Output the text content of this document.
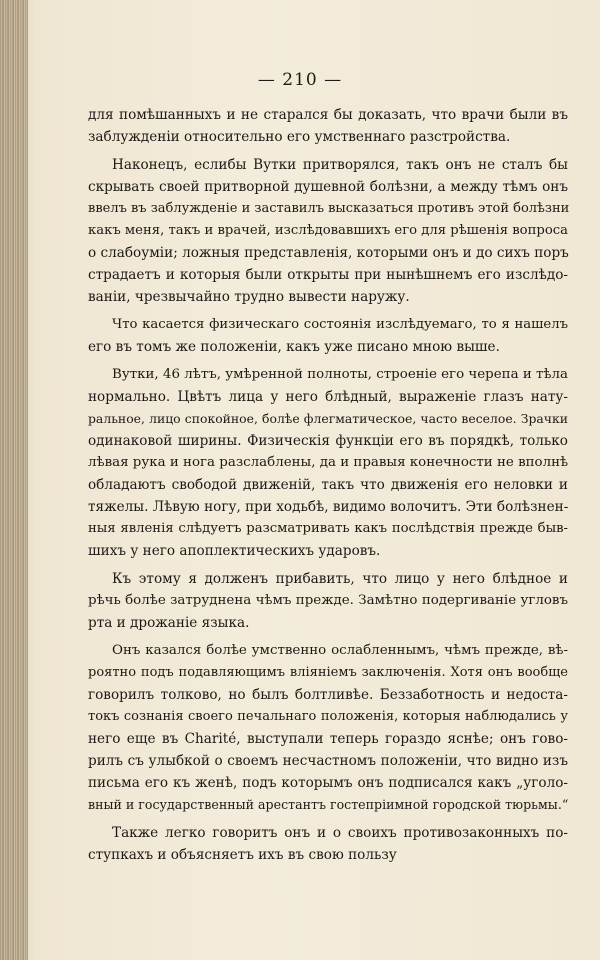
— 210 —
для помѣшанныхъ и не старался бы доказать, что врачи были въ
заблужденіи относительно его умственнаго разстройства.
Наконецъ, еслибы Вутки притворялся, такъ онъ не сталъ бы
скрывать своей притворной душевной болѣзни, а между тѣмъ онъ
ввелъ въ заблужденіе и заставилъ высказаться противъ этой болѣзни
какъ меня, такъ и врачей, изслѣдовавшихъ его для рѣшенія вопроса
о слабоуміи; ложныя представленія, которыми онъ и до сихъ поръ
страдаетъ и которыя были открыты при нынѣшнемъ его изслѣдо-
ваніи, чрезвычайно трудно вывести наружу.
Что касается физическаго состоянія изслѣдуемаго, то я нашелъ
его въ томъ же положеніи, какъ уже писано мною выше.
Вутки, 46 лѣтъ, умѣренной полноты, строеніе его черепа и тѣла
нормально. Цвѣтъ лица у него блѣдный, выраженіе глазъ нату-
ральное, лицо спокойное, болѣе флегматическое, часто веселое. Зрачки
одинаковой ширины. Физическія функціи его въ порядкѣ, только
лѣвая рука и нога разслаблены, да и правыя конечности не вполнѣ
обладаютъ свободой движеній, такъ что движенія его неловки и
тяжелы. Лѣвую ногу, при ходьбѣ, видимо волочитъ. Эти болѣзнен-
ныя явленія слѣдуетъ разсматривать какъ послѣдствія прежде быв-
шихъ у него апоплектическихъ ударовъ.
Къ этому я долженъ прибавить, что лицо у него блѣдное и
рѣчь болѣе затруднена чѣмъ прежде. Замѣтно подергиваніе угловъ
рта и дрожаніе языка.
Онъ казался болѣе умственно ослабленнымъ, чѣмъ прежде, вѣ-
роятно подъ подавляющимъ вліяніемъ заключенія. Хотя онъ вообще
говорилъ толково, но былъ болтливѣе. Беззаботность и недоста-
токъ сознанія своего печальнаго положенія, которыя наблюдались у
него еще въ Charité, выступали теперь гораздо яснѣе; онъ гово-
рилъ съ улыбкой о своемъ несчастномъ положеніи, что видно изъ
письма его къ женѣ, подъ которымъ онъ подписался какъ „уголо-
вный и государственный арестантъ гостепріимной городской тюрьмы.“
Также легко говоритъ онъ и о своихъ противозаконныхъ по-
ступкахъ и объясняетъ ихъ въ свою пользу
